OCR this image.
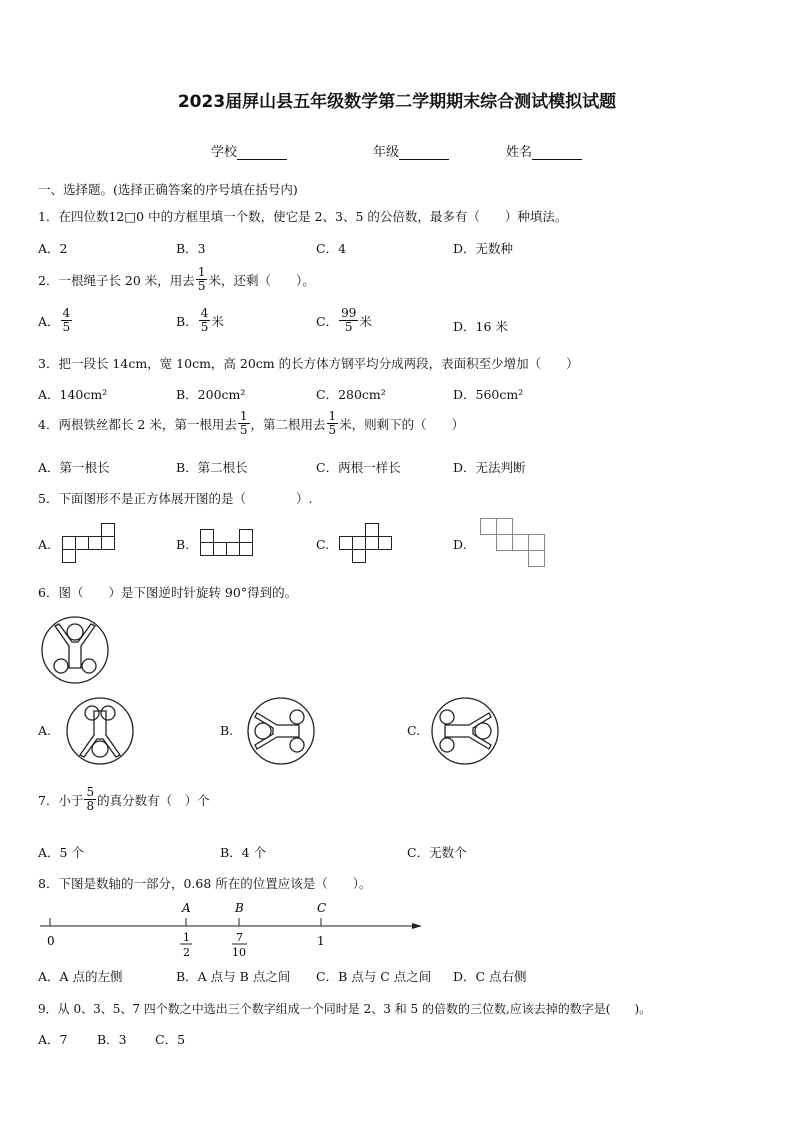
2023届屏山县五年级数学第二学期期末综合测试模拟试题
学校	年级	姓名
一、选择题。(选择正确答案的序号填在括号内)
1．在四位数12□0 中的方框里填一个数，使它是 2、3、5 的公倍数，最多有（　　）种填法。
A．2	B．3	C．4	D．无数种
2．一根绳子长 20 米，用去 $\frac{1}{5}$ 米，还剩（　　）。
A． $\frac{4}{5}$	B． $\frac{4}{5}$ 米	C． $\frac{99}{5}$ 米	D．16 米
3．把一段长 14cm，宽 10cm，高 20cm 的长方体方钢平均分成两段，表面积至少增加（　　）
A．140cm²	B．200cm²	C．280cm²	D．560cm²
4．两根铁丝都长 2 米，第一根用去 $\frac{1}{5}$ ，第二根用去 $\frac{1}{5}$ 米，则剩下的（　　）
A．第一根长	B．第二根长	C．两根一样长	D．无法判断
5．下面图形不是正方体展开图的是（　　　　）.
A.	B.	C.	D.
6．图（　　）是下图逆时针旋转 90°得到的。
A.	B.	C.
7．小于 $\frac{5}{8}$ 的真分数有（　）个
A．5 个	B．4 个	C．无数个
8．下图是数轴的一部分，0.68 所在的位置应该是（　　）。
A	B	C
0	1
2
7
10
1
A．A 点的左侧	B．A 点与 B 点之间 C．B 点与 C 点之间 D．C 点右侧
9．从 0、3、5、7 四个数之中选出三个数字组成一个同时是 2、3 和 5 的倍数的三位数,应该去掉的数字是(　　)。
A．7 B．3 C．5
